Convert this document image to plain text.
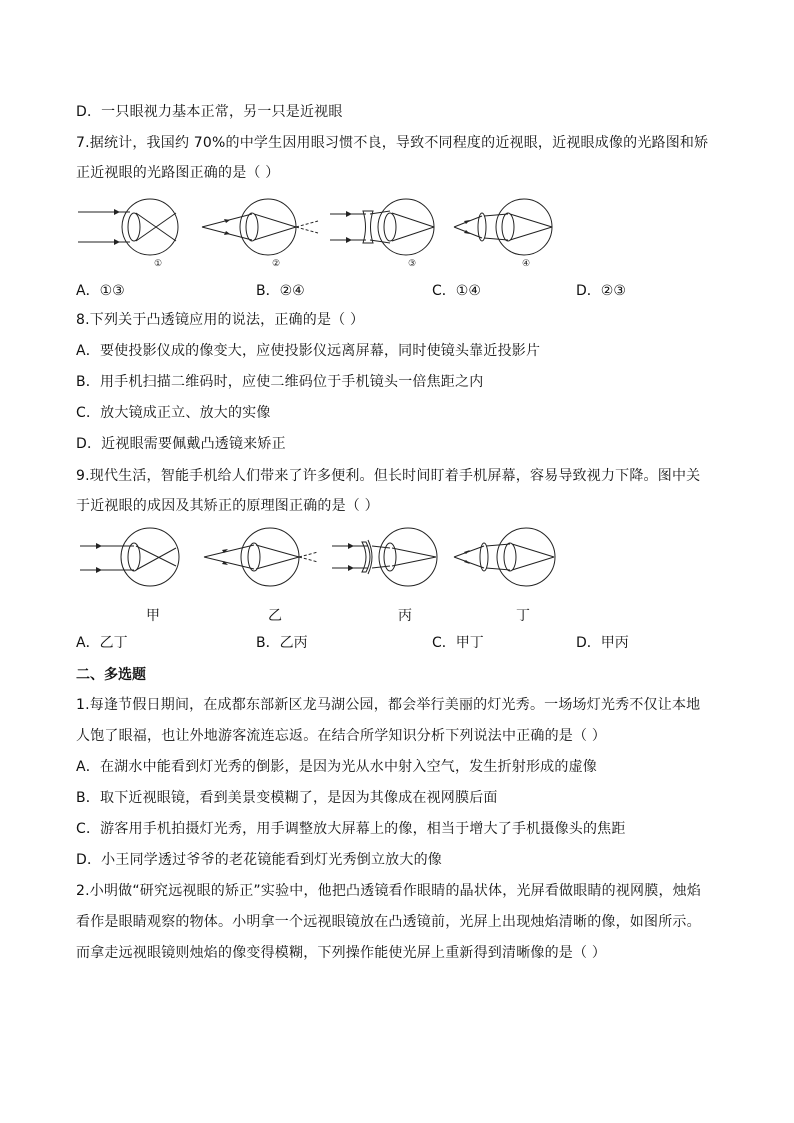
D．一只眼视力基本正常，另一只是近视眼
7.据统计，我国约 70%的中学生因用眼习惯不良，导致不同程度的近视眼，近视眼成像的光路图和矫
正近视眼的光路图正确的是（ ）
①	②	③	④
A．①③	B．②④	C．①④	D．②③
8.下列关于凸透镜应用的说法，正确的是（ ）
A．要使投影仪成的像变大，应使投影仪远离屏幕，同时使镜头靠近投影片
B．用手机扫描二维码时，应使二维码位于手机镜头一倍焦距之内
C．放大镜成正立、放大的实像
D．近视眼需要佩戴凸透镜来矫正
9.现代生活，智能手机给人们带来了许多便利。但长时间盯着手机屏幕，容易导致视力下降。图中关
于近视眼的成因及其矫正的原理图正确的是（ ）
甲	乙	丙	丁
A．乙丁	B．乙丙	C．甲丁	D．甲丙
二、多选题
1.每逢节假日期间，在成都东部新区龙马湖公园，都会举行美丽的灯光秀。一场场灯光秀不仅让本地
人饱了眼福，也让外地游客流连忘返。在结合所学知识分析下列说法中正确的是（ ）
A．在湖水中能看到灯光秀的倒影，是因为光从水中射入空气，发生折射形成的虚像
B．取下近视眼镜，看到美景变模糊了，是因为其像成在视网膜后面
C．游客用手机拍摄灯光秀，用手调整放大屏幕上的像，相当于增大了手机摄像头的焦距
D．小王同学透过爷爷的老花镜能看到灯光秀倒立放大的像
2.小明做“研究远视眼的矫正”实验中，他把凸透镜看作眼睛的晶状体，光屏看做眼睛的视网膜，烛焰
看作是眼睛观察的物体。小明拿一个远视眼镜放在凸透镜前，光屏上出现烛焰清晰的像，如图所示。
而拿走远视眼镜则烛焰的像变得模糊，下列操作能使光屏上重新得到清晰像的是（ ）
